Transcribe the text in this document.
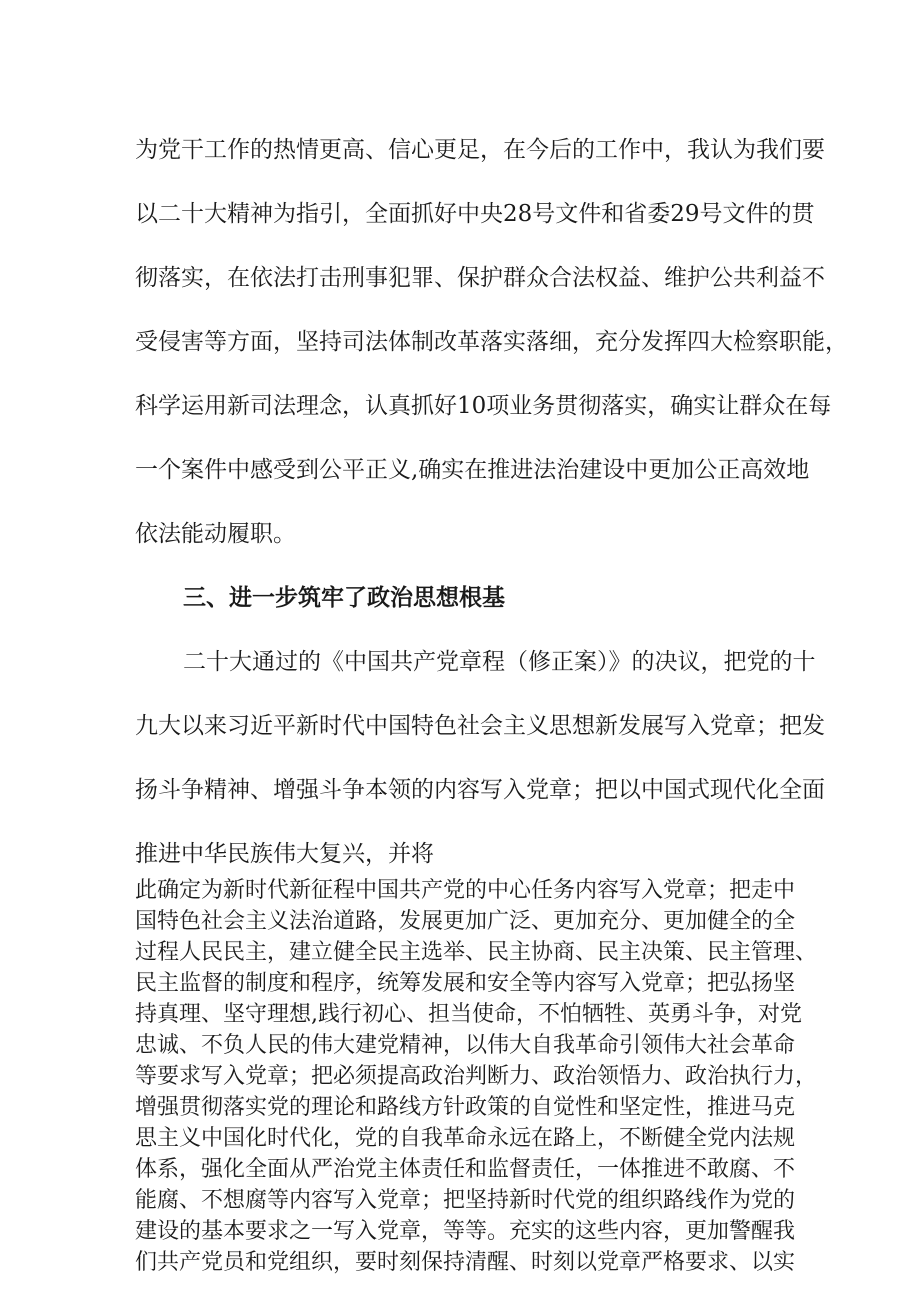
为党干工作的热情更高、信心更足，在今后的工作中，我认为我们要
以二十大精神为指引，全面抓好中央28号文件和省委29号文件的贯
彻落实，在依法打击刑事犯罪、保护群众合法权益、维护公共利益不
受侵害等方面，坚持司法体制改革落实落细，充分发挥四大检察职能，
科学运用新司法理念，认真抓好10项业务贯彻落实，确实让群众在每
一个案件中感受到公平正义,确实在推进法治建设中更加公正高效地
依法能动履职。
三、进一步筑牢了政治思想根基
二十大通过的《中国共产党章程（修正案）》的决议，把党的十
九大以来习近平新时代中国特色社会主义思想新发展写入党章；把发
扬斗争精神、增强斗争本领的内容写入党章；把以中国式现代化全面
推进中华民族伟大复兴，并将
此确定为新时代新征程中国共产党的中心任务内容写入党章；把走中
国特色社会主义法治道路，发展更加广泛、更加充分、更加健全的全
过程人民民主，建立健全民主选举、民主协商、民主决策、民主管理、
民主监督的制度和程序，统筹发展和安全等内容写入党章；把弘扬坚
持真理、坚守理想,践行初心、担当使命，不怕牺牲、英勇斗争，对党
忠诚、不负人民的伟大建党精神，以伟大自我革命引领伟大社会革命
等要求写入党章；把必须提高政治判断力、政治领悟力、政治执行力，
增强贯彻落实党的理论和路线方针政策的自觉性和坚定性，推进马克
思主义中国化时代化，党的自我革命永远在路上，不断健全党内法规
体系，强化全面从严治党主体责任和监督责任，一体推进不敢腐、不
能腐、不想腐等内容写入党章；把坚持新时代党的组织路线作为党的
建设的基本要求之一写入党章，等等。充实的这些内容，更加警醒我
们共产党员和党组织，要时刻保持清醒、时刻以党章严格要求、以实
